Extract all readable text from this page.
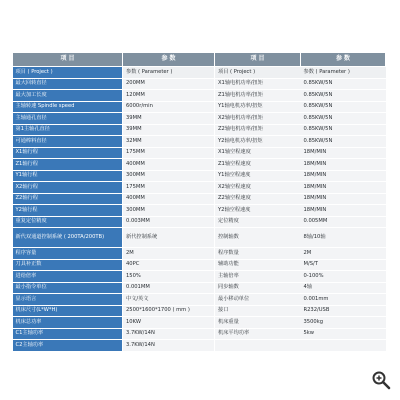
项 目	参 数	项 目	参 数
项目 ( Project )	参数 ( Parameter )	项目 ( Project )	参数 ( Parameter )
最大回转直径	200MM	X1轴电机功率/扭矩	0.85KW/5N
最大加工长度	120MM	Z1轴电机功率/扭矩	0.85KW/5N
主轴转速 Spindle speed	6000r/min	Y1轴电机功率/扭矩	0.85KW/5N
主轴通孔直径	39MM	X2轴电机功率/扭矩	0.85KW/5N
第1主轴孔直径	39MM	Z2轴电机功率/扭矩	0.85KW/5N
可通棒料直径	32MM	Y2轴电机功率/扭矩	0.85KW/5N
X1轴行程	175MM	X1轴空程速度	18M/MIN
Z1轴行程	400MM	Z1轴空程速度	18M/MIN
Y1轴行程	300MM	Y1轴空程速度	18M/MIN
X2轴行程	175MM	X2轴空程速度	18M/MIN
Z2轴行程	400MM	Z2轴空程速度	18M/MIN
Y2轴行程	300MM	Y2轴空程速度	18M/MIN
重复定位精度	0.003MM	定位精度	0.005MM
新代双通道控制系统 ( 200TA/200TB)	新代控制系统	控制轴数	8轴/10轴
程序容量	2M	程序数量	2M
刀具补正数	40PC	辅助功能	M/S/T
进给倍率	150%	主轴倍率	0-100%
最小指令单位	0.001MM	同步轴数	4轴
显示语言	中文/英文	最小移动单位	0.001mm
机床尺寸(L*W*H)	2500*1600*1700 ( mm )	接口	R232/USB
机床总功率	10KW	机床重量	3500kg
C1主轴功率	3.7KW/14N	机床平均功率	5kw
C2主轴功率	3.7KW/14N		
